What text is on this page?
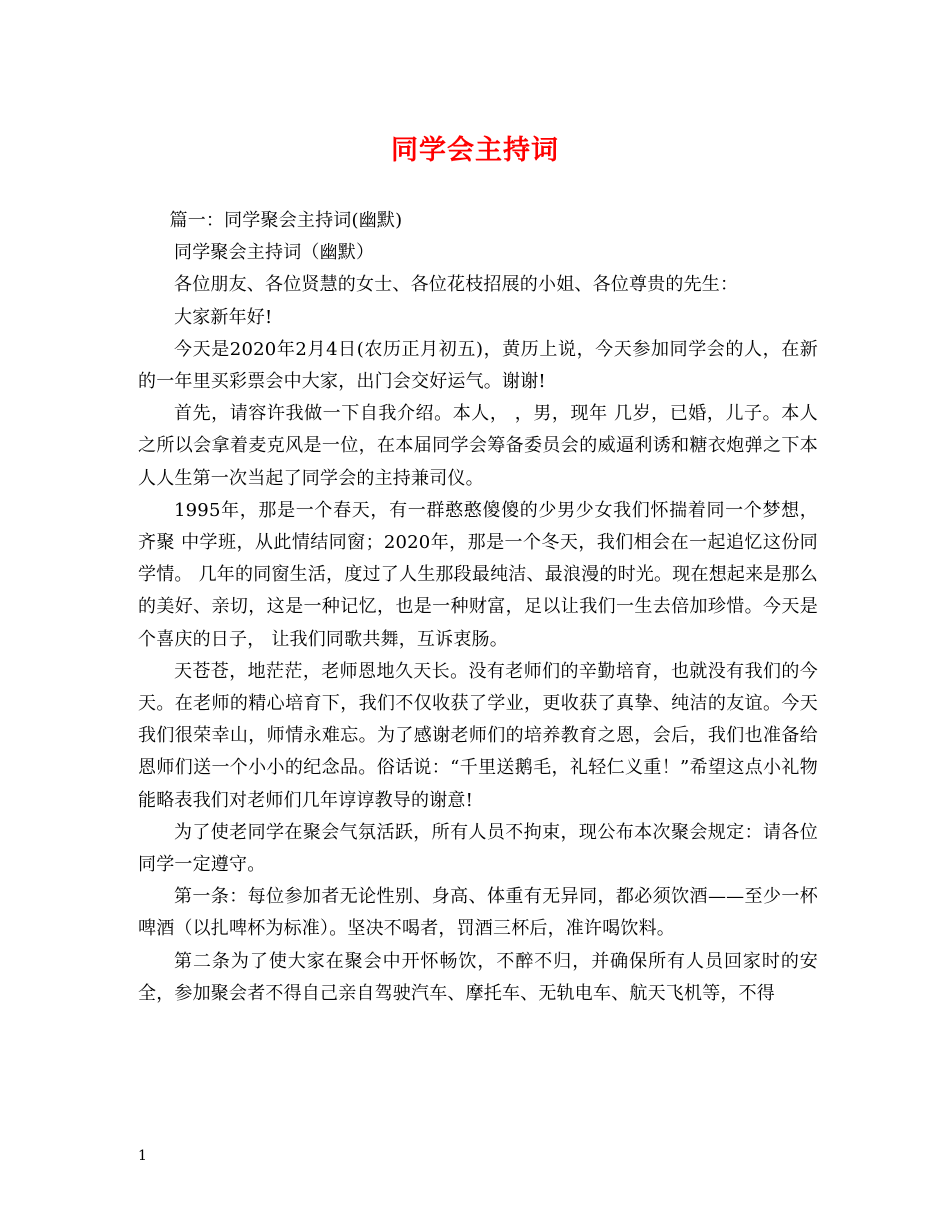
同学会主持词

篇一：同学聚会主持词(幽默)

同学聚会主持词（幽默）

各位朋友、各位贤慧的女士、各位花枝招展的小姐、各位尊贵的先生：

大家新年好!

今天是2020年2月4日(农历正月初五)，黄历上说，今天参加同学会的人，在新的一年里买彩票会中大家，出门会交好运气。谢谢!

首先，请容许我做一下自我介绍。本人， ，男，现年 几岁，已婚，儿子。本人之所以会拿着麦克风是一位，在本届同学会筹备委员会的威逼利诱和糖衣炮弹之下本人人生第一次当起了同学会的主持兼司仪。

1995年，那是一个春天，有一群憨憨傻傻的少男少女我们怀揣着同一个梦想，齐聚 中学班，从此情结同窗；2020年，那是一个冬天，我们相会在一起追忆这份同学情。 几年的同窗生活，度过了人生那段最纯洁、最浪漫的时光。现在想起来是那么的美好、亲切，这是一种记忆，也是一种财富，足以让我们一生去倍加珍惜。今天是个喜庆的日子， 让我们同歌共舞，互诉衷肠。

天苍苍，地茫茫，老师恩地久天长。没有老师们的辛勤培育，也就没有我们的今天。在老师的精心培育下，我们不仅收获了学业，更收获了真挚、纯洁的友谊。今天我们很荣幸山，师情永难忘。为了感谢老师们的培养教育之恩，会后，我们也准备给恩师们送一个小小的纪念品。俗话说：“千里送鹅毛，礼轻仁义重！”希望这点小礼物能略表我们对老师们几年谆谆教导的谢意!

为了使老同学在聚会气氛活跃，所有人员不拘束，现公布本次聚会规定：请各位同学一定遵守。

第一条：每位参加者无论性别、身高、体重有无异同，都必须饮酒——至少一杯啤酒（以扎啤杯为标准）。坚决不喝者，罚酒三杯后，准许喝饮料。

第二条为了使大家在聚会中开怀畅饮，不醉不归，并确保所有人员回家时的安全，参加聚会者不得自己亲自驾驶汽车、摩托车、无轨电车、航天飞机等，不得

1
